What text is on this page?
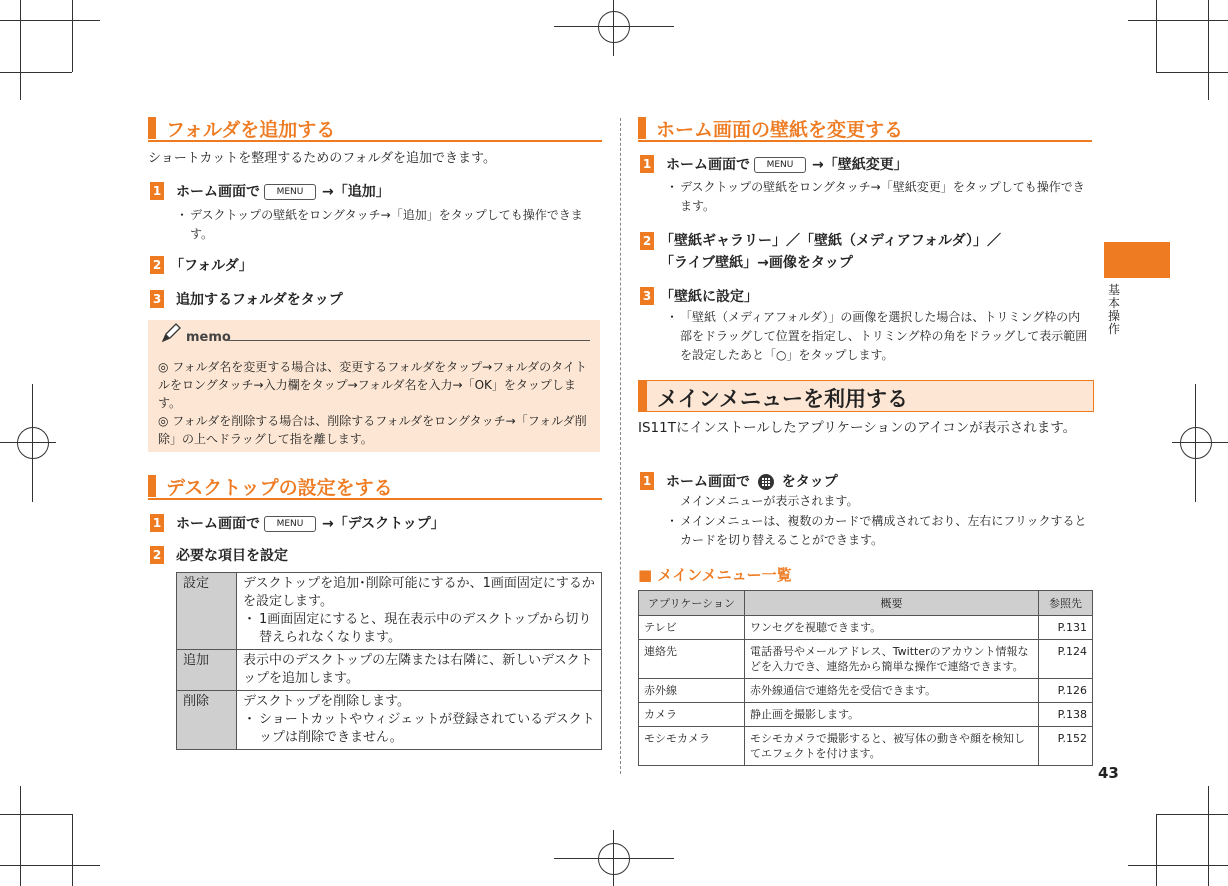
フォルダを追加する
ショートカットを整理するためのフォルダを追加できます。
1 ホーム画面で MENU →「追加」
・ デスクトップの壁紙をロングタッチ→「追加」をタップしても操作できます。
2 「フォルダ」
3 追加するフォルダをタップ
memo

◎ フォルダ名を変更する場合は、変更するフォルダをタップ→フォルダのタイトルをロングタッチ→入力欄をタップ→フォルダ名を入力→「OK」をタップします。

◎ フォルダを削除する場合は、削除するフォルダをロングタッチ→「フォルダ削除」の上へドラッグして指を離します。

デスクトップの設定をする
1 ホーム画面で MENU →「デスクトップ」
2 必要な項目を設定
設定	デスクトップを追加･削除可能にするか、1画面固定にするかを設定します。
・ 1画面固定にすると、現在表示中のデスクトップから切り替えられなくなります。

追加	表示中のデスクトップの左隣または右隣に、新しいデスクトップを追加します。
削除	デスクトップを削除します。
・ ショートカットやウィジェットが登録されているデスクトップは削除できません。
ホーム画面の壁紙を変更する
1 ホーム画面で MENU →「壁紙変更」
・ デスクトップの壁紙をロングタッチ→「壁紙変更」をタップしても操作できます。
2 「壁紙ギャラリー」／「壁紙（メディアフォルダ）」／
「ライブ壁紙」→画像をタップ
3 「壁紙に設定」
・ 「壁紙（メディアフォルダ）」の画像を選択した場合は、トリミング枠の内部をドラッグして位置を指定し、トリミング枠の角をドラッグして表示範囲を設定したあと「○」をタップします。
メインメニューを利用する
IS11Tにインストールしたアプリケーションのアイコンが表示されます。
1 ホーム画面で をタップ
メインメニューが表示されます。
・ メインメニューは、複数のカードで構成されており、左右にフリックするとカードを切り替えることができます。
■ メインメニュー一覧
アプリケーション	概要	参照先
テレビ	ワンセグを視聴できます。	P.131
連絡先	電話番号やメールアドレス、Twitterのアカウント情報などを入力でき、連絡先から簡単な操作で連絡できます。	P.124
赤外線	赤外線通信で連絡先を受信できます。	P.126
カメラ	静止画を撮影します。	P.138
モシモカメラ	モシモカメラで撮影すると、被写体の動きや顔を検知してエフェクトを付けます。	P.152
基本操作
43
